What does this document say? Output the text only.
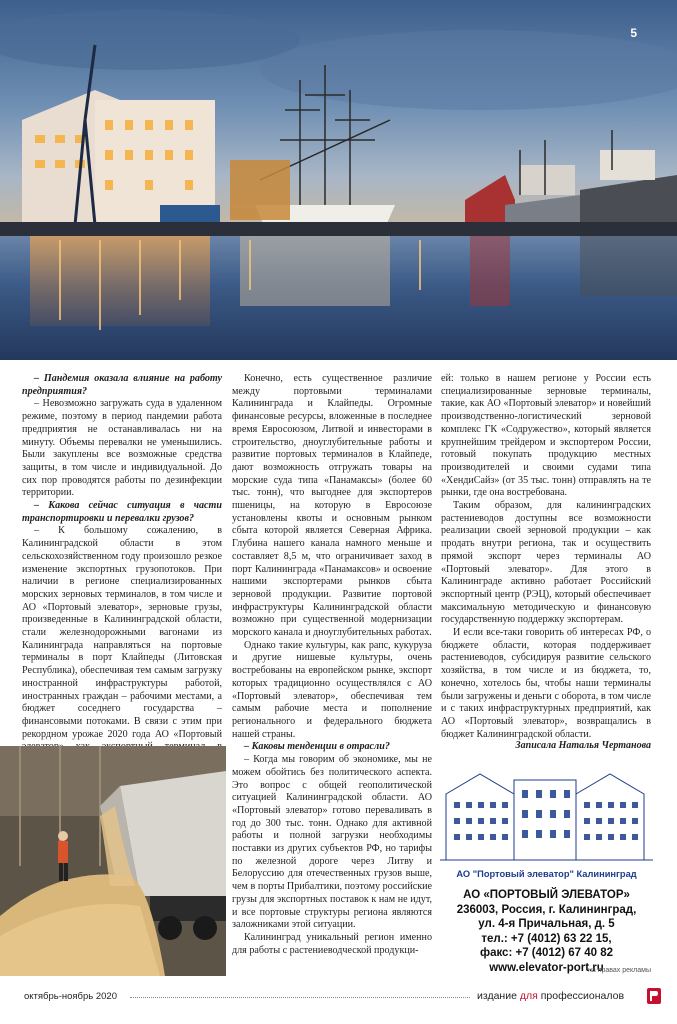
5

– Пандемия оказала влияние на работу предприятия?

– Невозможно загружать суда в удаленном режиме, поэтому в период пандемии работа предприятия не останавливалась ни на минуту. Объемы перевалки не уменьшились. Были закуплены все возможные средства защиты, в том числе и индивидуальной. До сих пор проводятся работы по дезинфекции территории.

– Какова сейчас ситуация в части транспортировки и перевалки грузов?

– К большому сожалению, в Калининградской области в этом сельскохозяйственном году произошло резкое изменение экспортных грузопотоков. При наличии в регионе специализированных морских зерновых терминалов, в том числе и АО «Портовый элеватор», зерновые грузы, произведенные в Калининградской области, стали железнодорожными вагонами из Калининграда направляться на портовые терминалы в порт Клайпеды (Литовская Республика), обеспечивая тем самым загрузку иностранной инфраструктуры работой, иностранных граждан – рабочими местами, а бюджет соседнего государства – финансовыми потоками. В связи с этим при рекордном урожае 2020 года АО «Портовый

Конечно, есть существенное различие между портовыми терминалами Калининграда и Клайпеды. Огромные финансовые ресурсы, вложенные в последнее время Евросоюзом, Литвой и инвесторами в строительство, дноуглубительные работы и развитие портовых терминалов в Клайпеде, дают возможность отгружать товары на морские суда типа «Панамаксы» (более 60 тыс. тонн), что выгоднее для экспортеров пшеницы, на которую в Евросоюзе установлены квоты и основным рынком сбыта которой является Северная Африка. Глубина нашего канала намного меньше и составляет 8,5 м, что ограничивает заход в порт Калининграда «Панамаксов» и освоение нашими экспортерами рынков сбыта зерновой продукции. Развитие портовой инфраструктуры Калининградской области возможно при существенной модернизации морского канала и дноуглубительных работах.

Однако такие культуры, как рапс, кукуруза и другие нишевые культуры, очень востребованы на европейском рынке, экспорт которых традиционно осуществлялся с АО «Портовый элеватор», обеспечивая тем самым рабочие места и пополнение регионального и федерального бюджета нашей страны.

– Каковы тенденции в отрасли?

– Когда мы говорим об экономике, мы не можем обойтись без политического аспекта. Это вопрос с общей геополитической ситуацией Калининградской области. АО «Портовый элеватор» готово переваливать в год до 300 тыс. тонн. Однако для активной работы и полной загрузки необходимы поставки из других субъектов РФ, но тарифы по железной дороге через Литву и Белоруссию для отечественных грузов выше, чем в порты Прибалтики, поэтому российские грузы для экспортных поставок к нам не идут, и все портовые структуры региона являются заложниками этой ситуации.

Калининград уникальный регион именно для работы с растениеводческой продукци-

ей: только в нашем регионе у России есть специализированные зерновые терминалы, такие, как АО «Портовый элеватор» и новейший производственно-логистический зерновой комплекс ГК «Содружество», который является крупнейшим трейдером и экспортером России, готовый покупать продукцию местных производителей и своими судами типа «ХендиСайз» (от 35 тыс. тонн) отправлять на те рынки, где она востребована.

Таким образом, для калининградских растениеводов доступны все возможности реализации своей зерновой продукции – как продать внутри региона, так и осуществить прямой экспорт через терминалы АО «Портовый элеватор». Для этого в Калининграде активно работает Российский экспортный центр (РЭЦ), который обеспечивает максимальную методическую и финансовую государственную поддержку экспортерам.

И если все-таки говорить об интересах РФ, о бюджете области, которая поддерживает растениеводов, субсидируя развитие сельского хозяйства, в том числе и из бюджета, то, конечно, хотелось бы, чтобы наши терминалы были загружены и деньги с оборота, в том числе и с таких инфраструктурных предприятий, как АО «Портовый элеватор», возвращались в бюджет Калининградской области.

Записала Наталья Чертанова
АО "Портовый элеватор" Калининград
АО «ПОРТОВЫЙ ЭЛЕВАТОР»
236003, Россия, г. Калининград,
ул. 4-я Причальная, д. 5
тел.: +7 (4012) 63 22 15,
факс: +7 (4012) 67 40 82
www.elevator-port.ru
на правах рекламы
октябрь-ноябрь 2020	издание для профессионалов
